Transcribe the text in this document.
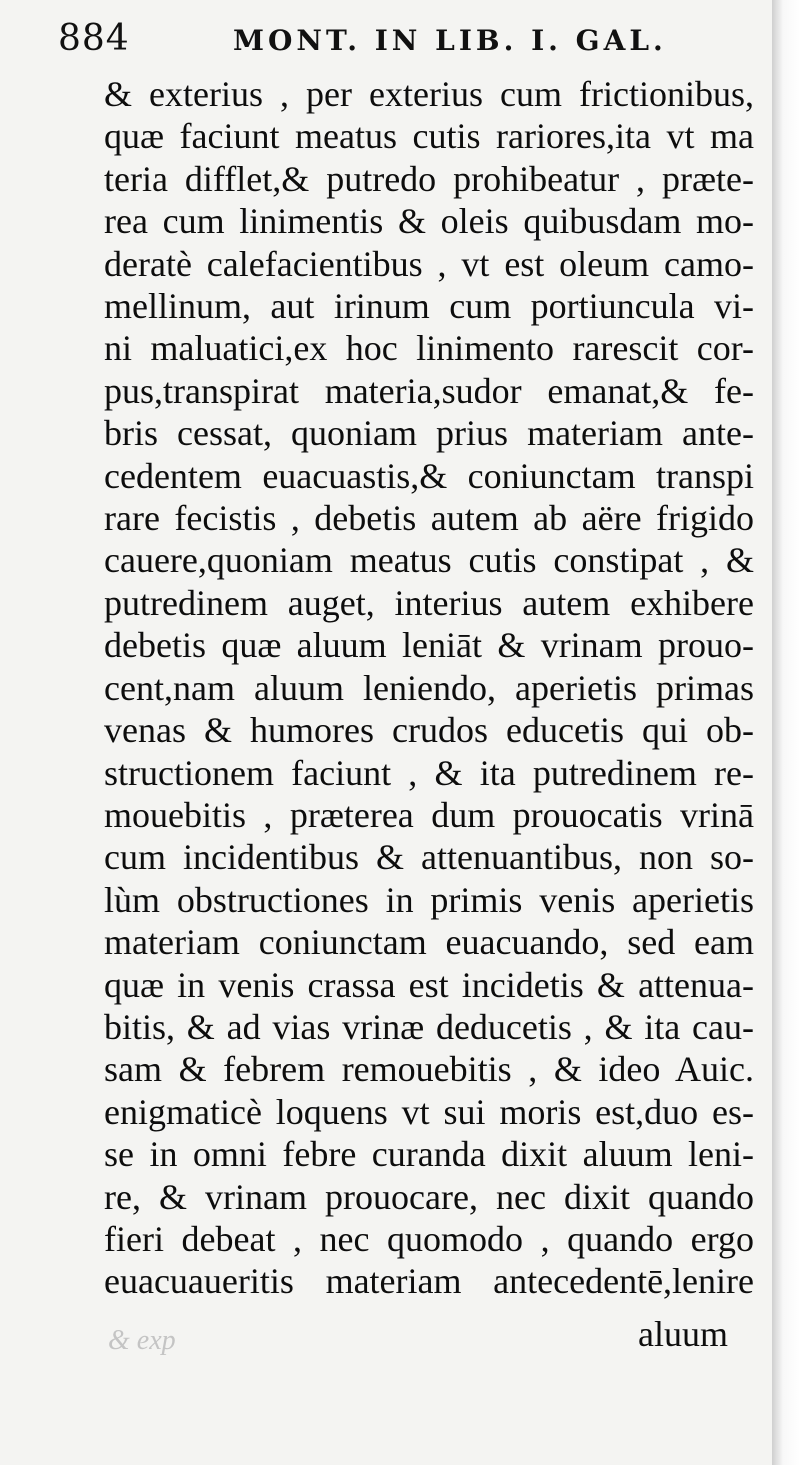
884	MONT. IN LIB. I. GAL.
& exterius , per exterius cum frictionibus,
quæ faciunt meatus cutis rariores,ita vt ma
teria difflet,& putredo prohibeatur , præte-
rea cum linimentis & oleis quibusdam mo-
deratè calefacientibus , vt est oleum camo-
mellinum, aut irinum cum portiuncula vi-
ni maluatici,ex hoc linimento rarescit cor-
pus,transpirat materia,sudor emanat,& fe-
bris cessat, quoniam prius materiam ante-
cedentem euacuastis,& coniunctam transpi
rare fecistis , debetis autem ab aëre frigido
cauere,quoniam meatus cutis constipat , &
putredinem auget, interius autem exhibere
debetis quæ aluum leniāt & vrinam prouo-
cent,nam aluum leniendo, aperietis primas
venas & humores crudos educetis qui ob-
structionem faciunt , & ita putredinem re-
mouebitis , præterea dum prouocatis vrinā
cum incidentibus & attenuantibus, non so-
lùm obstructiones in primis venis aperietis
materiam coniunctam euacuando, sed eam
quæ in venis crassa est incidetis & attenua-
bitis, & ad vias vrinæ deducetis , & ita cau-
sam & febrem remouebitis , & ideo Auic.
enigmaticè loquens vt sui moris est,duo es-
se in omni febre curanda dixit aluum leni-
re, & vrinam prouocare, nec dixit quando
fieri debeat , nec quomodo , quando ergo
euacuaueritis materiam antecedentē,lenire
& exp	aluum
